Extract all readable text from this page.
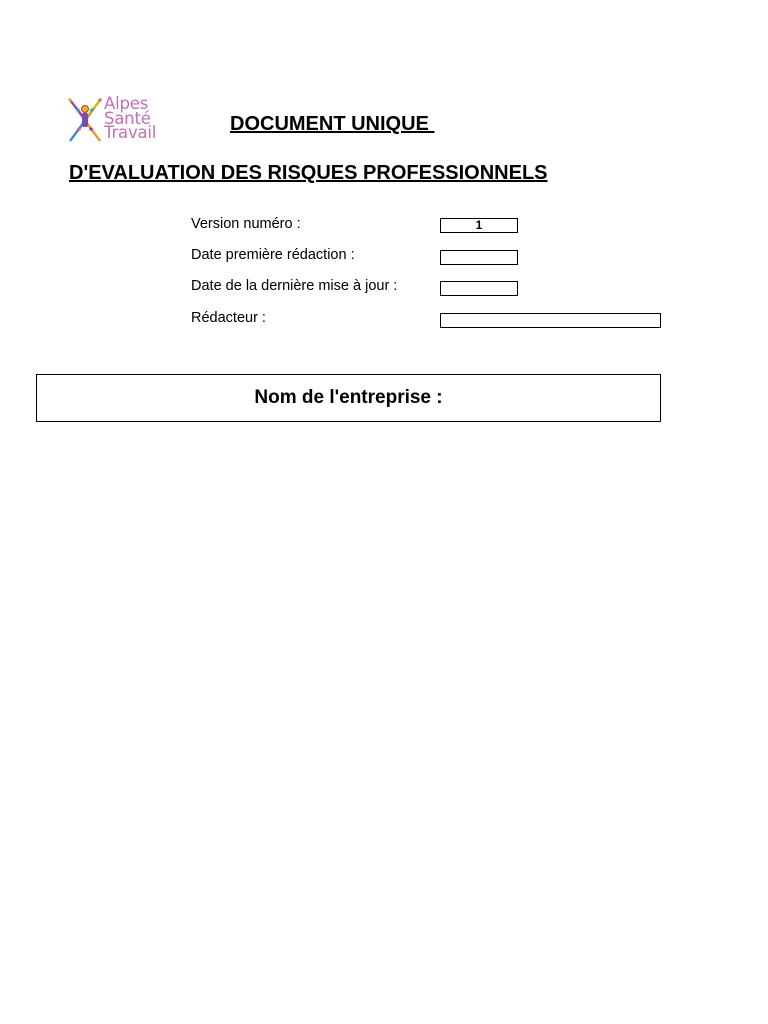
Alpes
Santé
Travail	DOCUMENT UNIQUE
D'EVALUATION DES RISQUES PROFESSIONNELS
Version numéro :	1
Date première rédaction :
Date de la dernière mise à jour :
Rédacteur :
Nom de l'entreprise :
